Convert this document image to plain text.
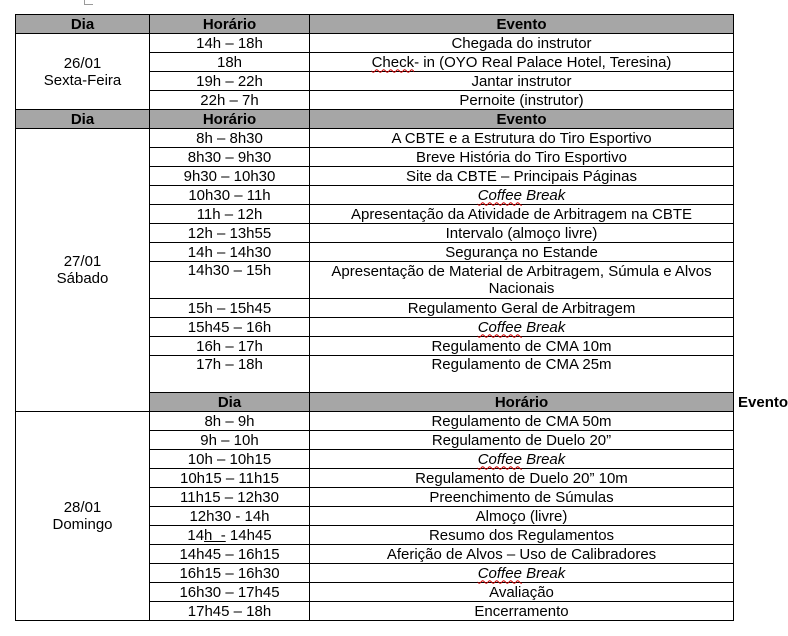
Dia	Horário	Evento	

26/01
Sexta-Feira	14h – 18h	Chegada do instrutor	
	18h	Check- in (OYO Real Palace Hotel, Teresina)	
	19h – 22h	Jantar instrutor	
	22h – 7h	Pernoite (instrutor)	
Dia	Horário	Evento	

27/01
Sábado	8h – 8h30	A CBTE e a Estrutura do Tiro Esportivo	
	8h30 – 9h30	Breve História do Tiro Esportivo	
	9h30 – 10h30	Site da CBTE – Principais Páginas	
	10h30 – 11h	Coffee Break	
	11h – 12h	Apresentação da Atividade de Arbitragem na CBTE	
	12h – 13h55	Intervalo (almoço livre)	
	14h – 14h30	Segurança no Estande	
	14h30 – 15h	Apresentação de Material de Arbitragem, Súmula e Alvos Nacionais	
	15h – 15h45	Regulamento Geral de Arbitragem	
	15h45 – 16h	Coffee Break	
	16h – 17h	Regulamento de CMA 10m	
	17h – 18h	Regulamento de CMA 25m	
	Dia	Horário	Evento

28/01
Domingo	8h – 9h	Regulamento de CMA 50m	
	9h – 10h	Regulamento de Duelo 20”	
	10h – 10h15	Coffee Break	
	10h15 – 11h15	Regulamento de Duelo 20” 10m	
	11h15 – 12h30	Preenchimento de Súmulas	
	12h30 - 14h	Almoço (livre)	
	14h  - 14h45	Resumo dos Regulamentos	
	14h45 – 16h15	Aferição de Alvos – Uso de Calibradores	
	16h15 – 16h30	Coffee Break	
	16h30 – 17h45	Avaliação	
	17h45 – 18h	Encerramento	
